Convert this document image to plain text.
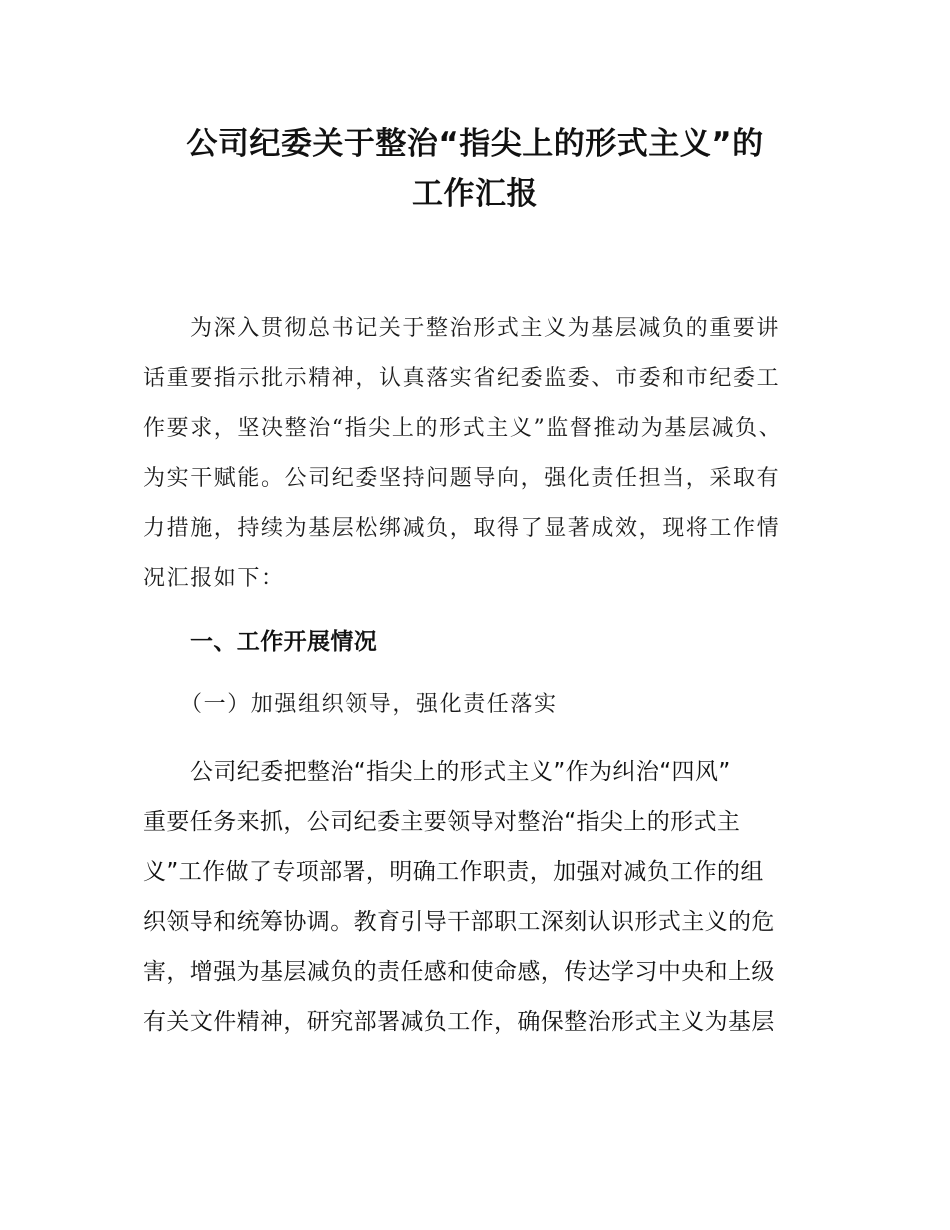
公司纪委关于整治“指尖上的形式主义”的
工作汇报

为深入贯彻总书记关于整治形式主义为基层减负的重要讲

话重要指示批示精神，认真落实省纪委监委、市委和市纪委工

作要求，坚决整治“指尖上的形式主义”监督推动为基层减负、

为实干赋能。公司纪委坚持问题导向，强化责任担当，采取有

力措施，持续为基层松绑减负，取得了显著成效，现将工作情

况汇报如下：

一、工作开展情况
（一）加强组织领导，强化责任落实

公司纪委把整治“指尖上的形式主义”作为纠治“四风”

重要任务来抓，公司纪委主要领导对整治“指尖上的形式主

义”工作做了专项部署，明确工作职责，加强对减负工作的组

织领导和统筹协调。教育引导干部职工深刻认识形式主义的危

害，增强为基层减负的责任感和使命感，传达学习中央和上级

有关文件精神，研究部署减负工作，确保整治形式主义为基层
